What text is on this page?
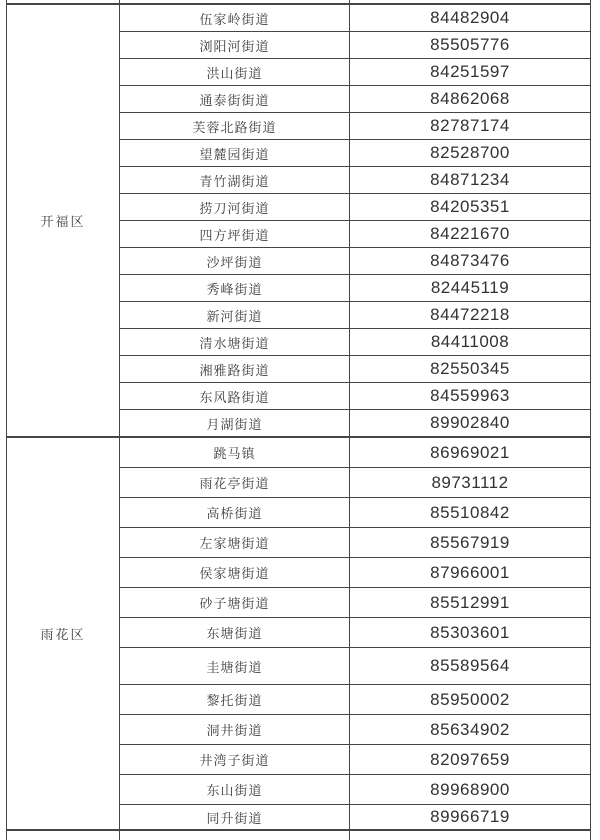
开福区	伍家岭街道	84482904
	浏阳河街道	85505776
	洪山街道	84251597
	通泰街街道	84862068
	芙蓉北路街道	82787174
	望麓园街道	82528700
	青竹湖街道	84871234
	捞刀河街道	84205351
	四方坪街道	84221670
	沙坪街道	84873476
	秀峰街道	82445119
	新河街道	84472218
	清水塘街道	84411008
	湘雅路街道	82550345
	东风路街道	84559963
	月湖街道	89902840
雨花区	跳马镇	86969021
	雨花亭街道	89731112
	高桥街道	85510842
	左家塘街道	85567919
	侯家塘街道	87966001
	砂子塘街道	85512991
	东塘街道	85303601
	圭塘街道	85589564
	黎托街道	85950002
	洞井街道	85634902
	井湾子街道	82097659
	东山街道	89968900
	同升街道	89966719
